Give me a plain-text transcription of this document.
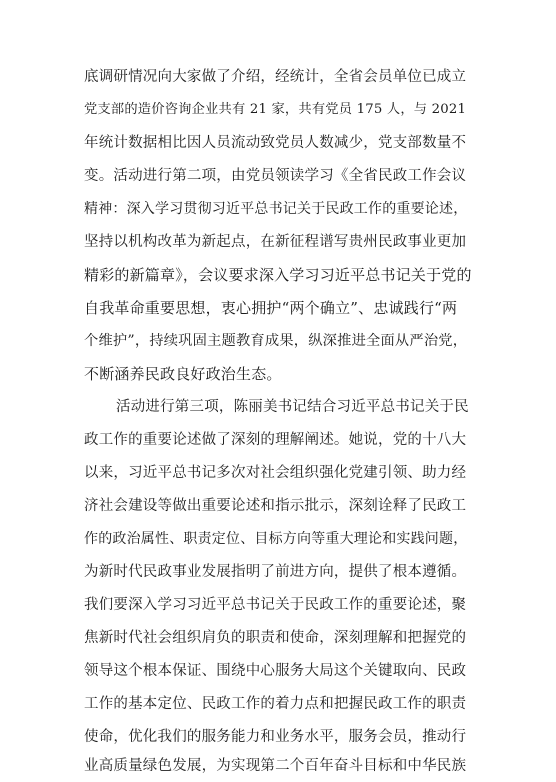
底调研情况向大家做了介绍，经统计，全省会员单位已成立
党支部的造价咨询企业共有 21 家，共有党员 175 人，与 2021
年统计数据相比因人员流动致党员人数减少，党支部数量不
变。活动进行第二项，由党员领读学习《全省民政工作会议
精神：深入学习贯彻习近平总书记关于民政工作的重要论述，
坚持以机构改革为新起点，在新征程谱写贵州民政事业更加
精彩的新篇章》，会议要求深入学习习近平总书记关于党的
自我革命重要思想，衷心拥护“两个确立”、忠诚践行“两
个维护”，持续巩固主题教育成果，纵深推进全面从严治党，
不断涵养民政良好政治生态。
活动进行第三项，陈丽美书记结合习近平总书记关于民
政工作的重要论述做了深刻的理解阐述。她说，党的十八大
以来，习近平总书记多次对社会组织强化党建引领、助力经
济社会建设等做出重要论述和指示批示，深刻诠释了民政工
作的政治属性、职责定位、目标方向等重大理论和实践问题，
为新时代民政事业发展指明了前进方向，提供了根本遵循。
我们要深入学习习近平总书记关于民政工作的重要论述，聚
焦新时代社会组织肩负的职责和使命，深刻理解和把握党的
领导这个根本保证、围绕中心服务大局这个关键取向、民政
工作的基本定位、民政工作的着力点和把握民政工作的职责
使命，优化我们的服务能力和业务水平，服务会员，推动行
业高质量绿色发展，为实现第二个百年奋斗目标和中华民族
